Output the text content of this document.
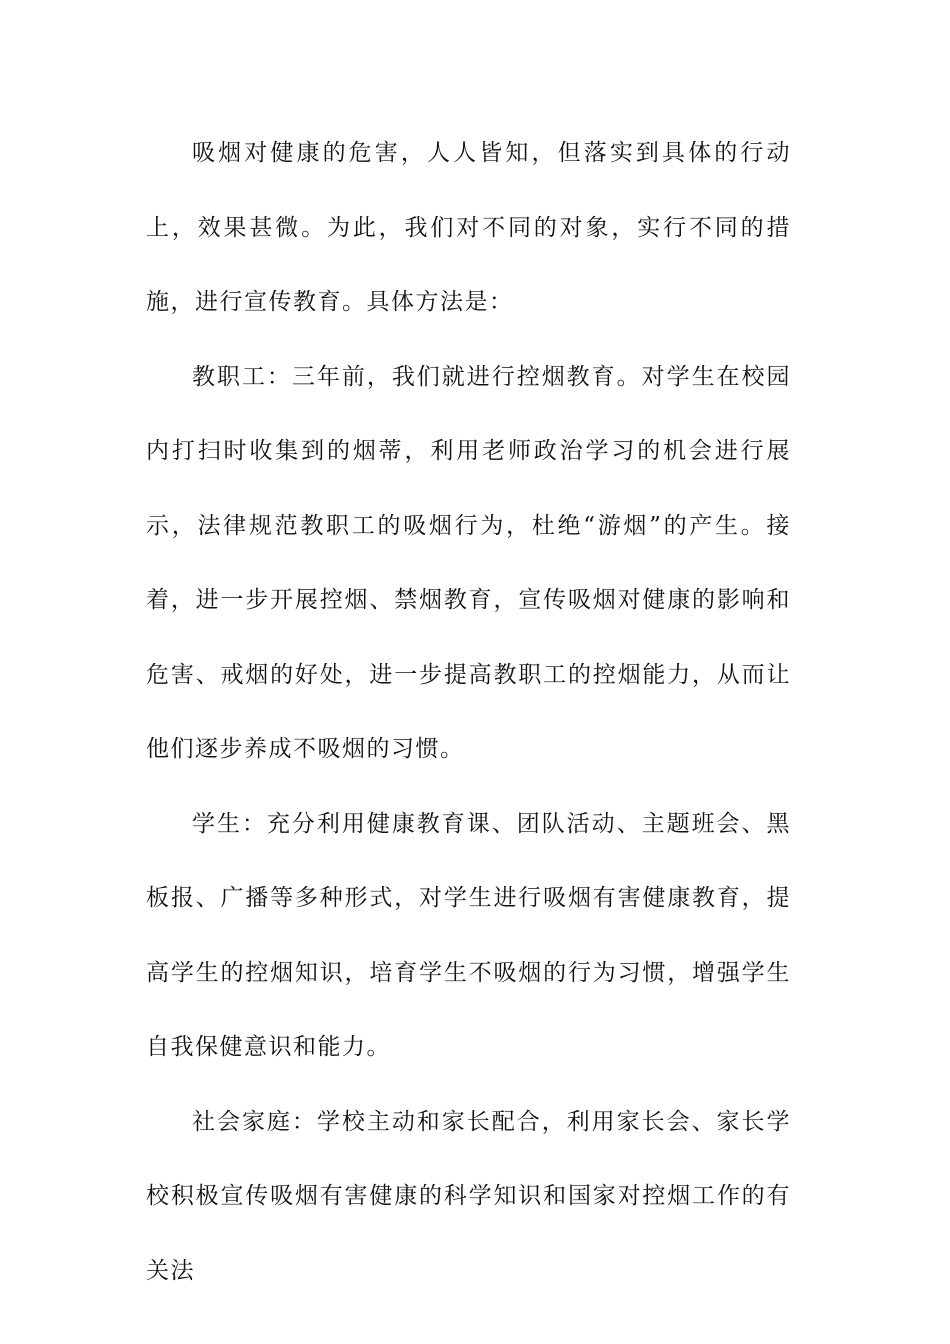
吸烟对健康的危害，人人皆知，但落实到具体的行动上，效果甚微。为此，我们对不同的对象，实行不同的措施，进行宣传教育。具体方法是：

教职工：三年前，我们就进行控烟教育。对学生在校园内打扫时收集到的烟蒂，利用老师政治学习的机会进行展示，法律规范教职工的吸烟行为，杜绝“游烟”的产生。接着，进一步开展控烟、禁烟教育，宣传吸烟对健康的影响和危害、戒烟的好处，进一步提高教职工的控烟能力，从而让他们逐步养成不吸烟的习惯。

学生：充分利用健康教育课、团队活动、主题班会、黑板报、广播等多种形式，对学生进行吸烟有害健康教育，提高学生的控烟知识，培育学生不吸烟的行为习惯，增强学生自我保健意识和能力。

社会家庭：学校主动和家长配合，利用家长会、家长学校积极宣传吸烟有害健康的科学知识和国家对控烟工作的有关法
